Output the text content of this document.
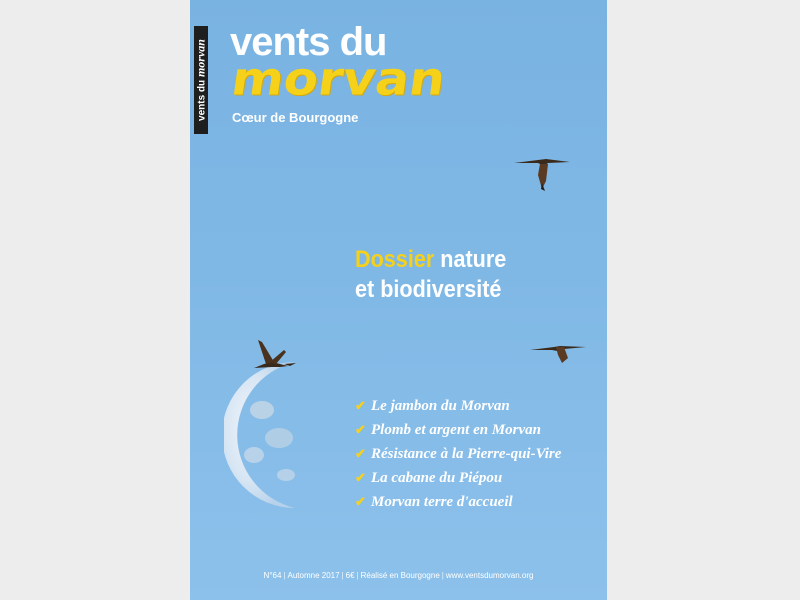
vents du morvan vents du
morvan
Cœur de Bourgogne
Dossier nature
et biodiversité
✔ Le jambon du Morvan
✔ Plomb et argent en Morvan
✔ Résistance à la Pierre-qui-Vire
✔ La cabane du Piépou
✔ Morvan terre d'accueil
N°64 | Automne 2017 | 6€ | Réalisé en Bourgogne | www.ventsdumorvan.org
